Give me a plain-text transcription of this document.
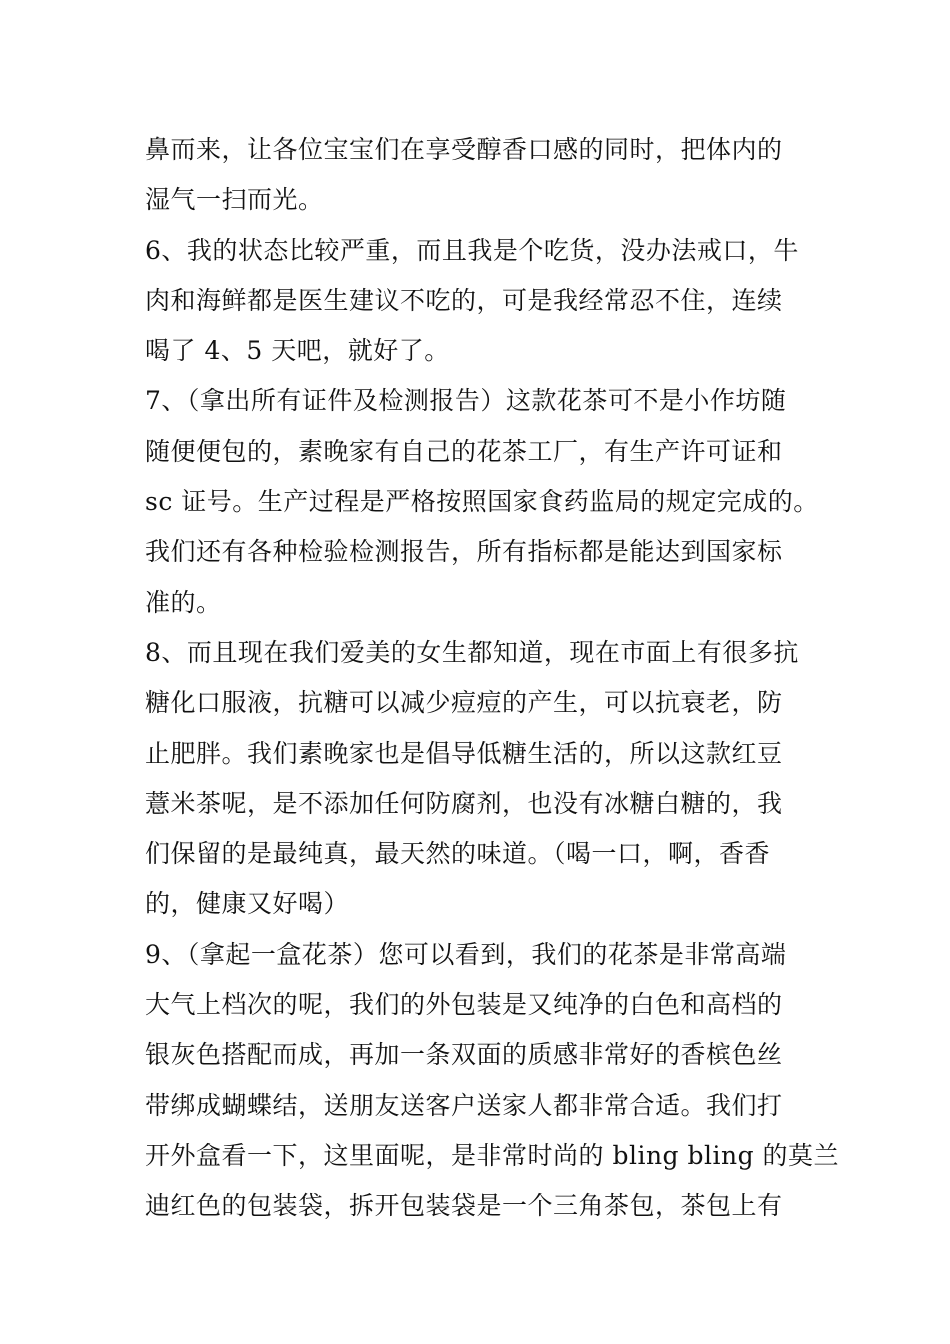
鼻而来，让各位宝宝们在享受醇香口感的同时，把体内的
湿气一扫而光。
6、我的状态比较严重，而且我是个吃货，没办法戒口，牛
肉和海鲜都是医生建议不吃的，可是我经常忍不住，连续
喝了 4、5 天吧，就好了。
7、（拿出所有证件及检测报告）这款花茶可不是小作坊随
随便便包的，素晚家有自己的花茶工厂，有生产许可证和
sc 证号。生产过程是严格按照国家食药监局的规定完成的。
我们还有各种检验检测报告，所有指标都是能达到国家标
准的。
8、而且现在我们爱美的女生都知道，现在市面上有很多抗
糖化口服液，抗糖可以减少痘痘的产生，可以抗衰老，防
止肥胖。我们素晚家也是倡导低糖生活的，所以这款红豆
薏米茶呢，是不添加任何防腐剂，也没有冰糖白糖的，我
们保留的是最纯真，最天然的味道。（喝一口，啊，香香
的，健康又好喝）
9、（拿起一盒花茶）您可以看到，我们的花茶是非常高端
大气上档次的呢，我们的外包装是又纯净的白色和高档的
银灰色搭配而成，再加一条双面的质感非常好的香槟色丝
带绑成蝴蝶结，送朋友送客户送家人都非常合适。我们打
开外盒看一下，这里面呢，是非常时尚的 bling bling 的莫兰
迪红色的包装袋，拆开包装袋是一个三角茶包，茶包上有
